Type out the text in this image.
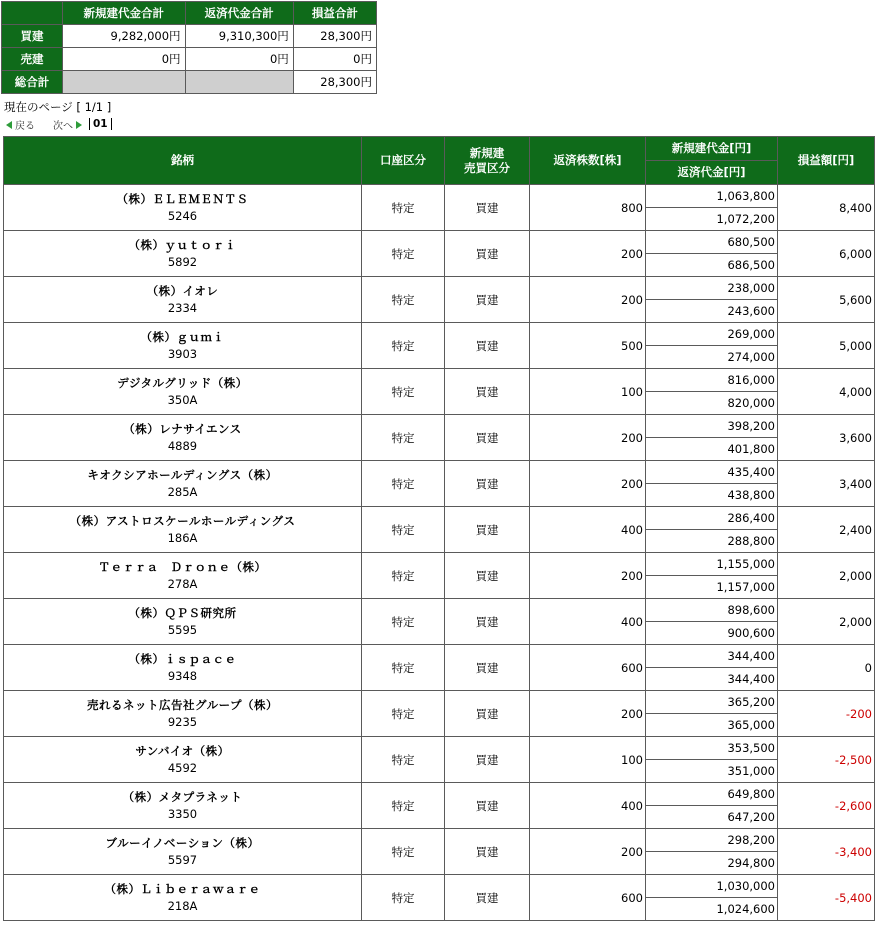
	新規建代金合計	返済代金合計	損益合計
買建	9,282,000円	9,310,300円	28,300円
売建	0円	0円	0円
総合計			28,300円
現在のページ [ 1/1 ]
戻る 次へ	01
銘柄	口座区分	新規建
売買区分	返済株数[株]	新規建代金[円]	損益額[円]
				返済代金[円]	

（株）ＥＬＥＭＥＮＴＳ
5246	特定	買建	800	1,063,800	8,400
				1,072,200	

（株）ｙｕｔｏｒｉ
5892	特定	買建	200	680,500	6,000
				686,500	

（株）イオレ
2334	特定	買建	200	238,000	5,600
				243,600	

（株）ｇｕｍｉ
3903	特定	買建	500	269,000	5,000
				274,000	

デジタルグリッド（株）
350A	特定	買建	100	816,000	4,000
				820,000	

（株）レナサイエンス
4889	特定	買建	200	398,200	3,600
				401,800	

キオクシアホールディングス（株）
285A	特定	買建	200	435,400	3,400
				438,800	

（株）アストロスケールホールディングス
186A	特定	買建	400	286,400	2,400
				288,800	

Ｔｅｒｒａ　Ｄｒｏｎｅ（株）
278A	特定	買建	200	1,155,000	2,000
				1,157,000	

（株）ＱＰＳ研究所
5595	特定	買建	400	898,600	2,000
				900,600	

（株）ｉｓｐａｃｅ
9348	特定	買建	600	344,400	0
				344,400	

売れるネット広告社グループ（株）
9235	特定	買建	200	365,200	-200
				365,000	

サンバイオ（株）
4592	特定	買建	100	353,500	-2,500
				351,000	

（株）メタプラネット
3350	特定	買建	400	649,800	-2,600
				647,200	

ブルーイノベーション（株）
5597	特定	買建	200	298,200	-3,400
				294,800	

（株）Ｌｉｂｅｒａｗａｒｅ
218A	特定	買建	600	1,030,000	-5,400
				1,024,600	
